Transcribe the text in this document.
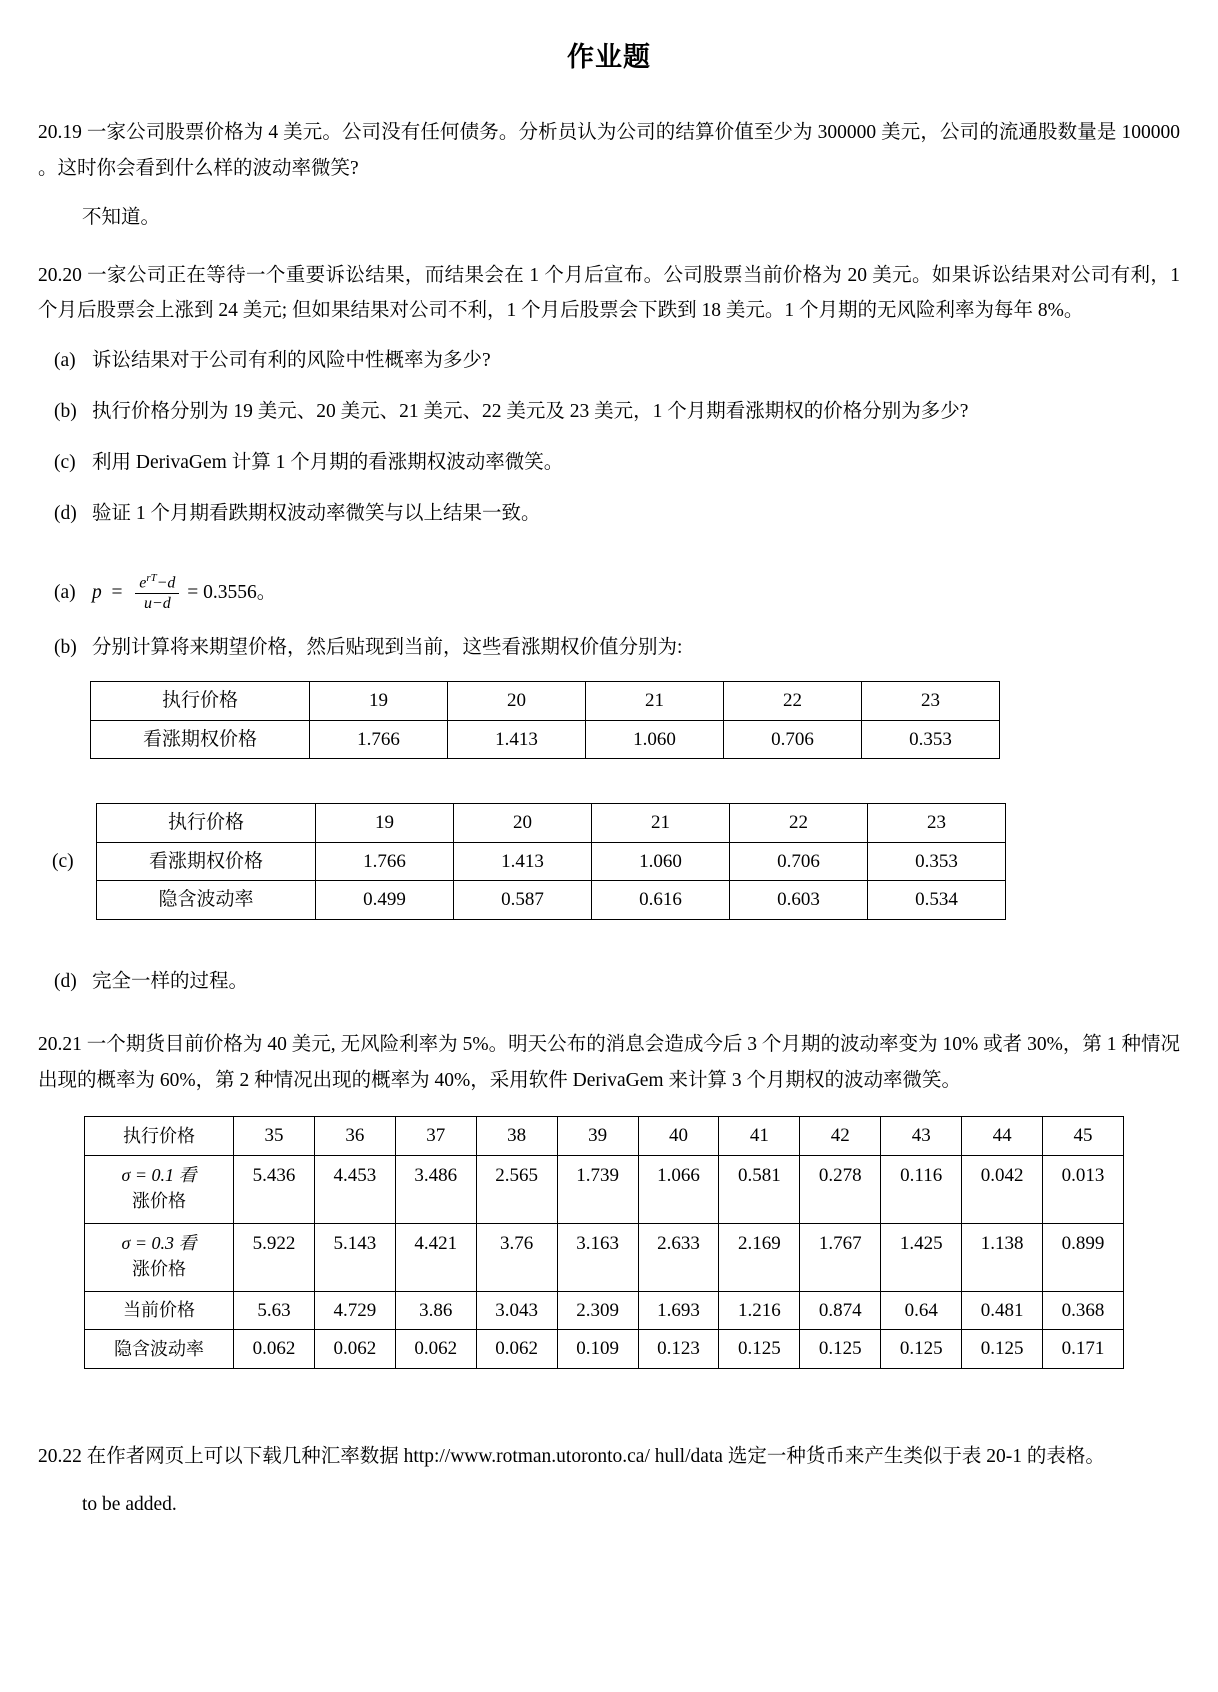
作业题

20.19 一家公司股票价格为 4 美元。公司没有任何债务。分析员认为公司的结算价值至少为 300000 美元，公司的流通股数量是 100000 。这时你会看到什么样的波动率微笑?

不知道。

20.20 一家公司正在等待一个重要诉讼结果，而结果会在 1 个月后宣布。公司股票当前价格为 20 美元。如果诉讼结果对公司有利，1 个月后股票会上涨到 24 美元; 但如果结果对公司不利，1 个月后股票会下跌到 18 美元。1 个月期的无风险利率为每年 8%。

(a) 诉讼结果对于公司有利的风险中性概率为多少?
(b) 执行价格分别为 19 美元、20 美元、21 美元、22 美元及 23 美元，1 个月期看涨期权的价格分别为多少?
(c) 利用 DerivaGem 计算 1 个月期的看涨期权波动率微笑。
(d) 验证 1 个月期看跌期权波动率微笑与以上结果一致。
(a) $p = \frac{e^{rT}-d}{u-d} = 0.3556$。
(b) 分别计算将来期望价格，然后贴现到当前，这些看涨期权价值分别为:
执行价格	19	20	21	22	23
看涨期权价格	1.766	1.413	1.060	0.706	0.353
(c)
执行价格	19	20	21	22	23
看涨期权价格	1.766	1.413	1.060	0.706	0.353
隐含波动率	0.499	0.587	0.616	0.603	0.534
(d) 完全一样的过程。

20.21 一个期货目前价格为 40 美元, 无风险利率为 5%。明天公布的消息会造成今后 3 个月期的波动率变为 10% 或者 30%，第 1 种情况出现的概率为 60%，第 2 种情况出现的概率为 40%，采用软件 DerivaGem 来计算 3 个月期权的波动率微笑。

执行价格	35	36	37	38	39	40	41	42	43	44	45

σ = 0.1 看
涨价格	5.436	4.453	3.486	2.565	1.739	1.066	0.581	0.278	0.116	0.042	0.013

σ = 0.3 看
涨价格	5.922	5.143	4.421	3.76	3.163	2.633	2.169	1.767	1.425	1.138	0.899
当前价格	5.63	4.729	3.86	3.043	2.309	1.693	1.216	0.874	0.64	0.481	0.368
隐含波动率	0.062	0.062	0.062	0.062	0.109	0.123	0.125	0.125	0.125	0.125	0.171

20.22 在作者网页上可以下载几种汇率数据 http://www.rotman.utoronto.ca/ hull/data 选定一种货币来产生类似于表 20-1 的表格。

to be added.
